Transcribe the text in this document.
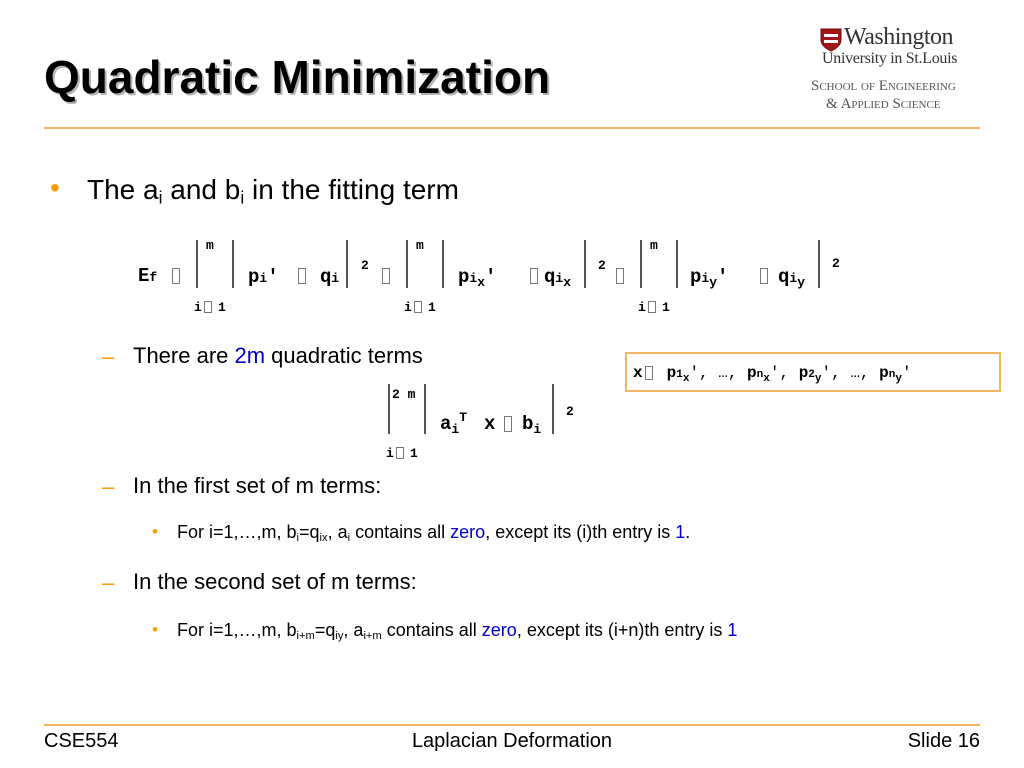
Quadratic Minimization
Washington
University in St.Louis
School of Engineering
& Applied Science
• The $a_i$ and $b_i$ in the fitting term
Ef
m
i 1
pi' qi
2
m
i 1
$pi_x'$	$qi_x$
2
m
i 1
$pi_y'$	$qi_y$
2
– There are 2m quadratic terms
x $p1_x'$, …, $pn_x'$, $p2_y'$, …, $pn_y'$
2 m
i 1
$a_i^T$ x $b_i$
2
– In the first set of m terms:
• For i=1,…,m, $b_i=q_{ix}$, $a_i$ contains all zero, except its (i)th entry is 1.
– In the second set of m terms:
• For i=1,…,m, $b_{i+m}=q_{iy}$, $a_{i+m}$ contains all zero, except its (i+n)th entry is 1
CSE554	Laplacian Deformation	Slide 16
